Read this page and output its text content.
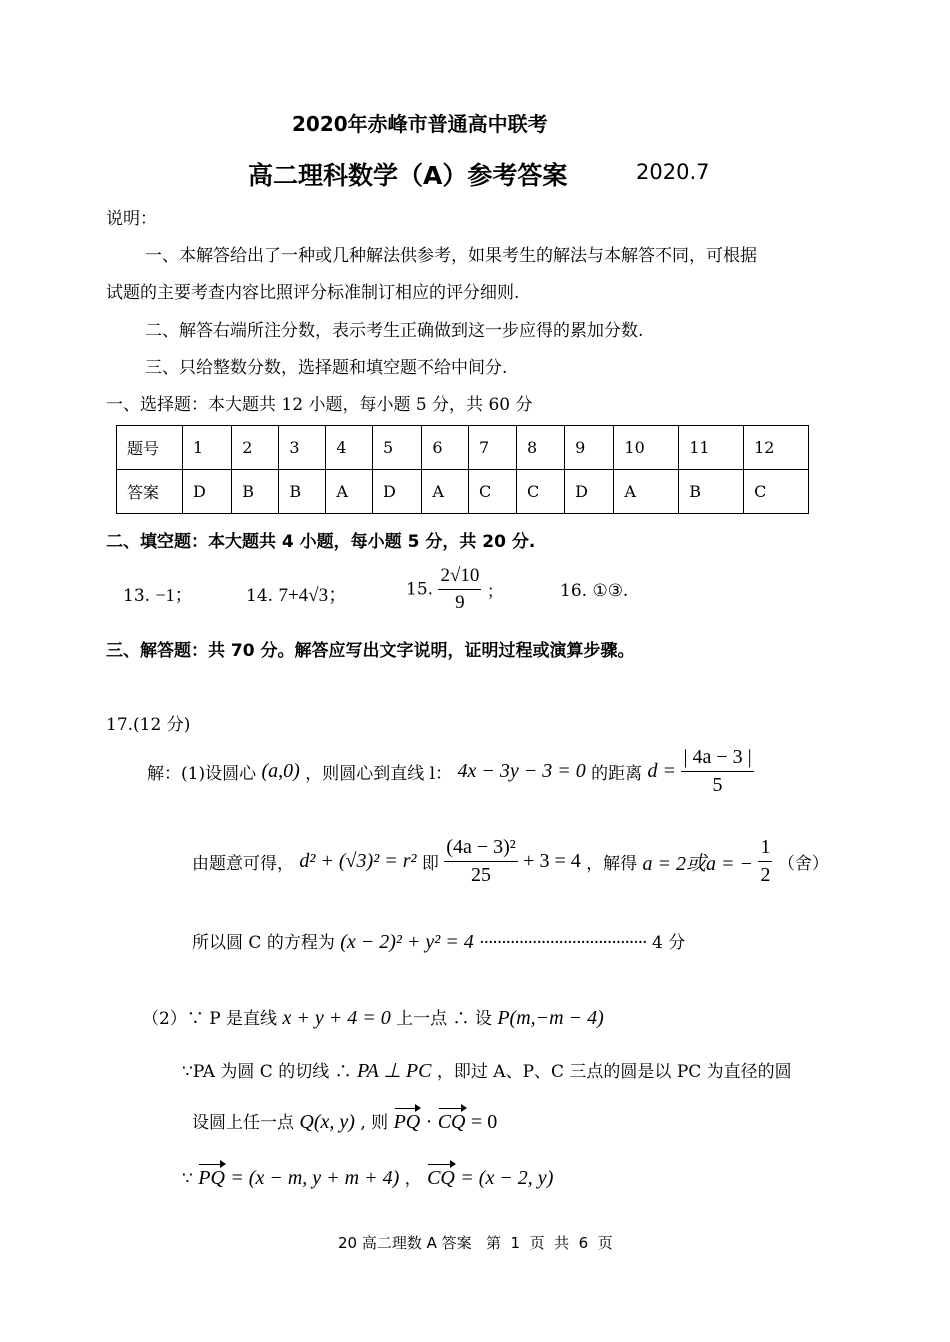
2020年赤峰市普通高中联考
高二理科数学（A）参考答案	2020.7
说明：
一、本解答给出了一种或几种解法供参考，如果考生的解法与本解答不同，可根据
试题的主要考查内容比照评分标准制订相应的评分细则.
二、解答右端所注分数，表示考生正确做到这一步应得的累加分数.
三、只给整数分数，选择题和填空题不给中间分.
一、选择题：本大题共 12 小题，每小题 5 分，共 60 分
题号	1	2	3	4	5	6	7	8	9	10	11	12
答案	D	B	B	A	D	A	C	C	D	A	B	C
二、填空题：本大题共 4 小题，每小题 5 分，共 20 分.
13. −1；	14. 7+4√3；	15. $\frac{2√10}{9}$ ；	16. ①③.
三、解答题：共 70 分。解答应写出文字说明，证明过程或演算步骤。
17.(12 分)
解：(1)设圆心 (a,0) ，则圆心到直线 l： 4x − 3y − 3 = 0 的距离 $d = \frac{| 4a - 3 |}{5}$
由题意可得， d² + (√3)² = r² 即 $\frac{\text{(4a − 3)²}}{25} + 3 = 4$ ，解得 a = 2或a = − $\frac{1}{2}$ （舍）
所以圆 C 的方程为 (x − 2)² + y² = 4 ······································ 4 分
（2）∵ P 是直线 x + y + 4 = 0 上一点 ∴ 设 P(m,−m − 4)
∵PA 为圆 C 的切线 ∴ PA ⊥ PC ，即过 A、P、C 三点的圆是以 PC 为直径的圆
设圆上任一点 Q(x, y) , 则 PQ · CQ = 0
∵ PQ = (x − m, y + m + 4) ， CQ = (x − 2, y)
20 高二理数 A 答案   第  1  页  共  6  页
